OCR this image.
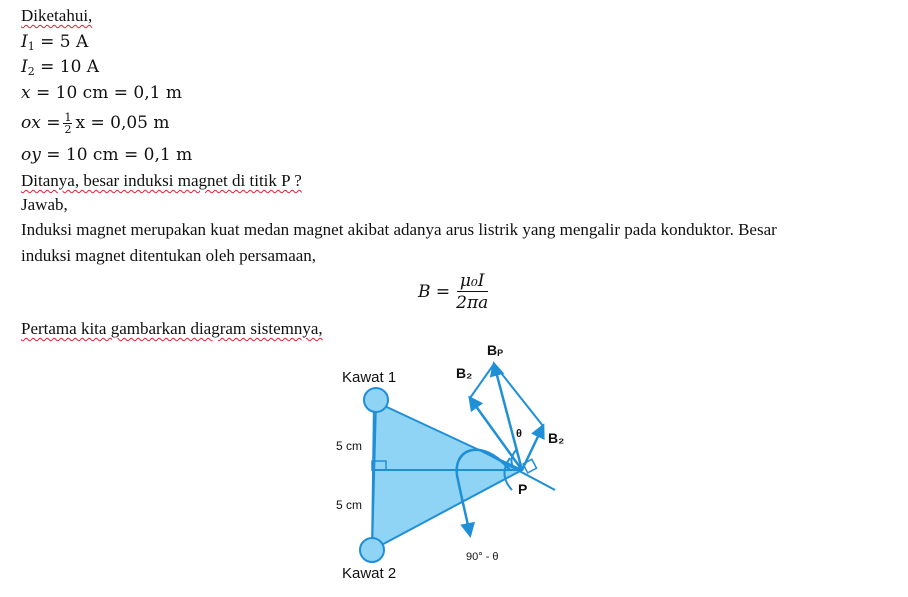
Diketahui,
$I_1 = 5$ A
$I_2 = 10$ A
x = 10 cm = 0,1 m
ox = $\frac{1}{2}$ x = 0,05 m
oy = 10 cm = 0,1 m
Ditanya, besar induksi magnet di titik P ?
Jawab,
Induksi magnet merupakan kuat medan magnet akibat adanya arus listrik yang mengalir pada konduktor. Besar
induksi magnet ditentukan oleh persamaan,
$B = \frac{\text{μ₀I}}{2\pi a}$
Pertama kita gambarkan diagram sistemnya,
Kawat 1
Kawat 2
5 cm
5 cm
P
BP
B₂
B₂
θ
90° - θ
